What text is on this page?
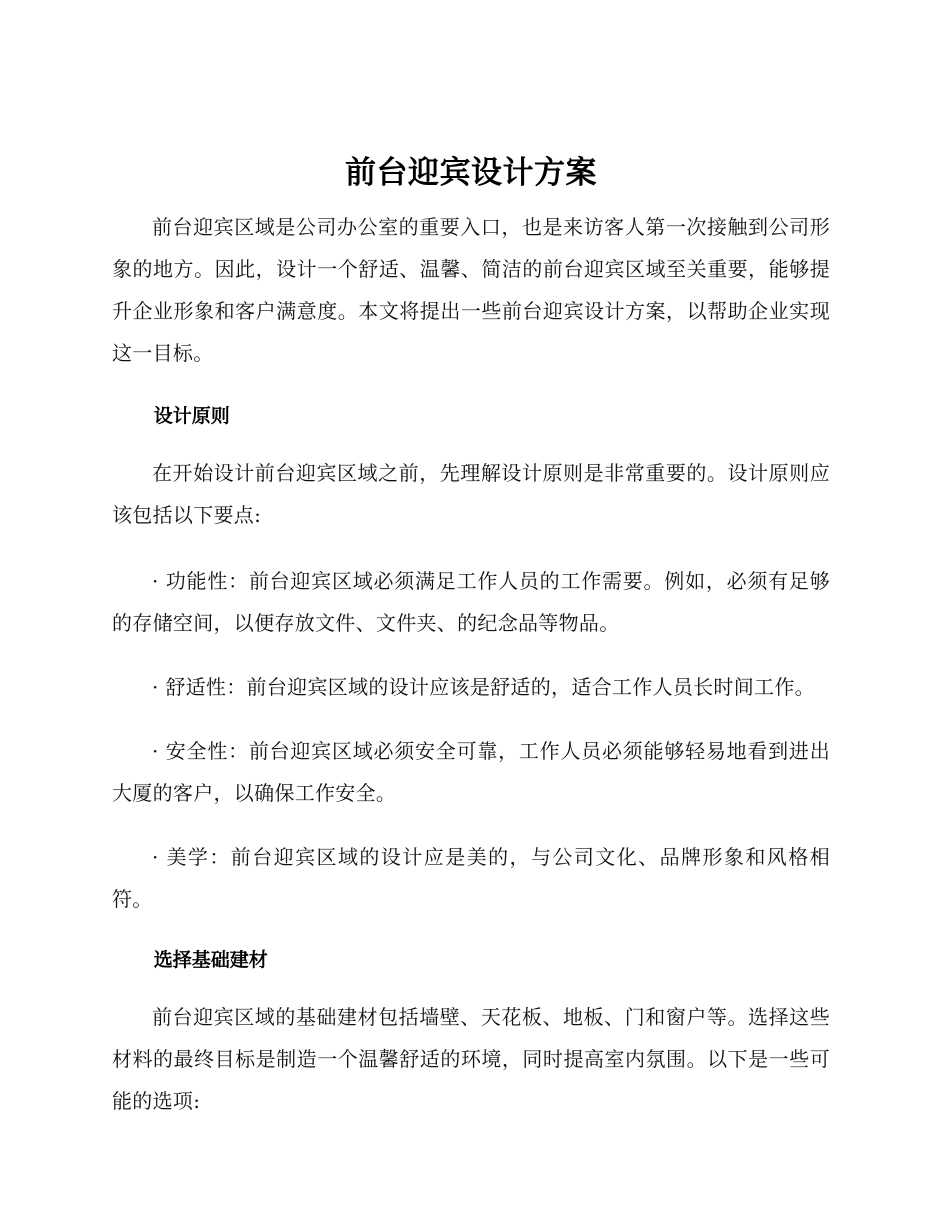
前台迎宾设计方案

前台迎宾区域是公司办公室的重要入口，也是来访客人第一次接触到公司形象的地方。因此，设计一个舒适、温馨、简洁的前台迎宾区域至关重要，能够提升企业形象和客户满意度。本文将提出一些前台迎宾设计方案，以帮助企业实现这一目标。

设计原则

在开始设计前台迎宾区域之前，先理解设计原则是非常重要的。设计原则应该包括以下要点:

· 功能性：前台迎宾区域必须满足工作人员的工作需要。例如，必须有足够的存储空间，以便存放文件、文件夹、的纪念品等物品。

· 舒适性：前台迎宾区域的设计应该是舒适的，适合工作人员长时间工作。

· 安全性：前台迎宾区域必须安全可靠，工作人员必须能够轻易地看到进出大厦的客户，以确保工作安全。

· 美学：前台迎宾区域的设计应是美的，与公司文化、品牌形象和风格相符。

选择基础建材

前台迎宾区域的基础建材包括墙壁、天花板、地板、门和窗户等。选择这些材料的最终目标是制造一个温馨舒适的环境，同时提高室内氛围。以下是一些可能的选项:
